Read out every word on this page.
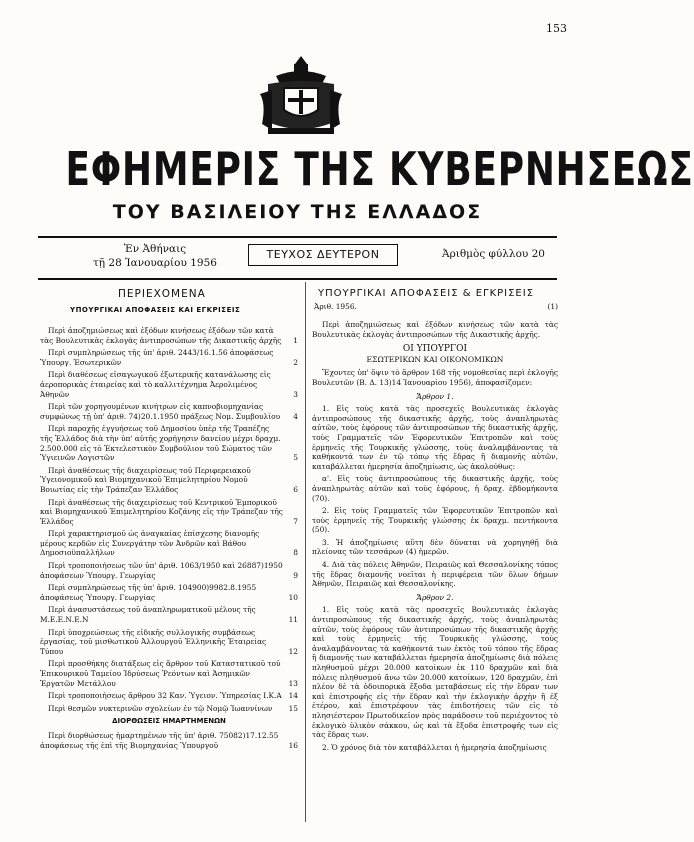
153
ΕΦΗΜΕΡΙΣ ΤΗΣ ΚΥΒΕΡΝΗΣΕΩΣ
ΤΟΥ ΒΑΣΙΛΕΙΟΥ ΤΗΣ ΕΛΛΑΔΟΣ
Ἐν Ἀθήναις
τῇ 28 Ἰανουαρίου 1956
ΤΕΥΧΟΣ ΔΕΥΤΕΡΟΝ	Ἀριθμὸς φύλλου 20
ΠΕΡΙΕΧΟΜΕΝΑ	ΥΠΟΥΡΓΙΚΑΙ ΑΠΟΦΑΣΕΙΣ & ΕΓΚΡΙΣΕΙΣ
ΥΠΟΥΡΓΙΚΑΙ ΑΠΟΦΑΣΕΙΣ ΚΑΙ ΕΓΚΡΙΣΕΙΣ
Περὶ ἀποζημιώσεως καὶ ἐξόδων κινήσεως ἐξόδων τῶν κατὰ τὰς Βουλευτικὰς ἐκλογὰς ἀντιπροσώπων τῆς Δικαστικῆς ἀρχῆς 1
Περὶ συμπληρώσεως τῆς ὑπ' ἀριθ. 2443/16.1.56 ἀποφάσεως Ὑπουργ. Ἐσωτερικῶν	2
Περὶ διαθέσεως εἰσαγωγικοῦ ἐξωτερικῆς κατανάλωσης εἰς ἀεροπορικὰς ἑταιρείας καὶ τὸ καλλιτέχνημα Ἀερολιμένος Ἀθηνῶν	3
Περὶ τῶν χορηγουμένων κινήτρων εἰς καπνοβιομηχανίας συμφώνως τῇ ὑπ' ἀριθ. 74)20.1.1950 πράξεως Νομ. Συμβουλίου 4
Περὶ παροχῆς ἐγγυήσεως τοῦ Δημοσίου ὑπὲρ τῆς Τραπέζης τῆς Ἑλλάδος διὰ τὴν ὑπ' αὐτῆς χορήγησιν δανείου μέχρι δραχμ. 2.500.000 εἰς τὸ Ἐκτελεστικὸν Συμβούλιον τοῦ Σώματος τῶν Ὑγιεινῶν Λογιστῶν	5
Περὶ ἀναθέσεως τῆς διαχειρίσεως τοῦ Περιφερειακοῦ Ὑγειονομικοῦ καὶ Βιομηχανικοῦ Ἐπιμελητηρίου Νομοῦ Βοιωτίας εἰς τὴν Τράπεζαν Ἑλλάδος	6
Περὶ ἀναθέσεως τῆς διαχειρίσεως τοῦ Κεντρικοῦ Ἐμπορικοῦ καὶ Βιομηχανικοῦ Ἐπιμελητηρίου Κοζάνης εἰς τὴν Τράπεζαν τῆς Ἑλλάδος	7
Περὶ χαρακτηρισμοῦ ὡς ἀναγκαίας ἐπίσχεσης διανομῆς μέρους κερδῶν εἰς Συνεργάτην τῶν Ἀνδρῶν καὶ Βάθου Δημοσιοϋπαλλήλων	8
Περὶ τροποποιήσεως τῶν ὑπ' ἀριθ. 1063/1950 καὶ 26887)1950 ἀποφάσεων Ὑπουργ. Γεωργίας	9
Περὶ συμπληρώσεως τῆς ὑπ' ἀριθ. 104900)9982.8.1955 ἀποφάσεως Ὑπουργ. Γεωργίας	10
Περὶ ἀνασυστάσεως τοῦ ἀναπληρωματικοῦ μέλους τῆς Μ.Ε.Ε.Ν.Ε.Ν	11
Περὶ ὑποχρεώσεως τῆς εἰδικῆς συλλογικῆς συμβάσεως ἐργασίας, τοῦ μισθωτικοῦ Ἀλλουργοῦ Ἐλληνικῆς Ἐταιρείας Τύπου	12
Περὶ προσθήκης διατάξεως εἰς ἄρθρον τοῦ Καταστατικοῦ τοῦ Ἐπικουρικοῦ Ταμείου Ἱδρύσεως Ῥεόντων καὶ Ἀσημικῶν Ἐργατῶν Μετάλλου	13
Περὶ τροποποιήσεως ἄρθρου 32 Καν. Ὑγειον. Ὑπηρεσίας Ι.Κ.Α 14
Περὶ θεσμῶν νυκτερινῶν σχολείων ἐν τῷ Νομῷ Ἰωαννίνων 15
ΔΙΟΡΘΩΣΕΙΣ ΗΜΑΡΤΗΜΕΝΩΝ
Περὶ διορθώσεως ἡμαρτημένων τῆς ὑπ' ἀριθ. 75082)17.12.55 ἀποφάσεως τῆς ἐπὶ τῆς Βιομηχανίας Ὑπουργοῦ	16
Ἀριθ. 1956.	(1)

Περὶ ἀποζημιώσεως καὶ ἐξόδων κινήσεως τῶν κατὰ τὰς Βουλευτικὰς ἐκλογὰς ἀντιπροσώπων τῆς Δικαστικῆς ἀρχῆς.

ΟΙ ΥΠΟΥΡΓΟΙ
ΕΣΩΤΕΡΙΚΩΝ ΚΑΙ ΟΙΚΟΝΟΜΙΚΩΝ

Ἔχοντες ὑπ' ὄψιν τὸ ἄρθρον 168 τῆς νομοθεσίας περὶ ἐκλογῆς Βουλευτῶν (Β. Δ. 13)14 Ἰανουαρίου 1956), ἀποφασίζομεν:

Ἄρθρον 1.

1. Εἰς τοὺς κατὰ τὰς προσεχεῖς Βουλευτικὰς ἐκλογὰς ἀντιπροσώπους τῆς δικαστικῆς ἀρχῆς, τοὺς ἀναπληρωτὰς αὐτῶν, τοὺς ἐφόρους τῶν ἀντιπροσώπων τῆς δικαστικῆς ἀρχῆς, τοὺς Γραμματεῖς τῶν Ἐφορευτικῶν Ἐπιτροπῶν καὶ τοὺς ἑρμηνεῖς τῆς Τουρκικῆς γλώσσης, τοὺς ἀναλαμβάνοντας τὰ καθήκοντά των ἐν τῷ τόπῳ τῆς ἕδρας ἢ διαμονῆς αὐτῶν, καταβάλλεται ἡμερησία ἀποζημίωσις, ὡς ἀκολούθως:

α'. Εἰς τοὺς ἀντιπροσώπους τῆς δικαστικῆς ἀρχῆς, τοὺς ἀναπληρωτὰς αὐτῶν καὶ τοὺς ἐφόρους, ἡ δραχ. ἑβδομήκοντα (70).

2. Εἰς τοὺς Γραμματεῖς τῶν Ἐφορευτικῶν Ἐπιτροπῶν καὶ τοὺς ἑρμηνεῖς τῆς Τουρκικῆς γλώσσης ἐκ δραχμ. πεντήκοντα (50).

3. Ἡ ἀποζημίωσις αὕτη δὲν δύναται νὰ χορηγηθῇ διὰ πλείονας τῶν τεσσάρων (4) ἡμερῶν.

4. Διὰ τὰς πόλεις Ἀθηνῶν, Πειραιῶς καὶ Θεσσαλονίκης τόπος τῆς ἕδρας διαμονῆς νοεῖται ἡ περιφέρεια τῶν ὅλων δήμων Ἀθηνῶν, Πειραιῶς καὶ Θεσσαλονίκης.

Ἄρθρον 2.

1. Εἰς τοὺς κατὰ τὰς προσεχεῖς Βουλευτικὰς ἐκλογὰς ἀντιπροσώπους τῆς δικαστικῆς ἀρχῆς, τοὺς ἀναπληρωτὰς αὐτῶν, τοὺς ἐφόρους τῶν ἀντιπροσώπων τῆς δικαστικῆς ἀρχῆς καὶ τοὺς ἑρμηνεῖς τῆς Τουρκικῆς γλώσσης, τοὺς ἀναλαμβάνοντας τὰ καθήκοντά των ἐκτὸς τοῦ τόπου τῆς ἕδρας ἢ διαμονῆς των καταβάλλεται ἡμερησία ἀποζημίωσις διὰ πόλεις πληθυσμοῦ μέχρι 20.000 κατοίκων ἐκ 110 δραχμῶν καὶ διὰ πόλεις πληθυσμοῦ ἄνω τῶν 20.000 κατοίκων, 120 δραχμῶν, ἐπὶ πλέον δὲ τὰ ὁδοιπορικὰ ἔξοδα μεταβάσεως εἰς τὴν ἕδραν των καὶ ἐπιστροφῆς εἰς τὴν ἕδραν καὶ τὴν ἐκλογικὴν ἀρχὴν ἢ ἐξ ἐτέρου, καὶ ἐπιστρέφουν τὰς ἐπιδοτήσεις τῶν εἰς τὸ πλησιέστερον Πρωτοδικεῖον πρὸς παράδοσιν τοῦ περιέχοντος τὸ ἐκλογικὸ ὑλικὸν σάκκου, ὡς καὶ τὰ ἔξοδα ἐπιστροφῆς των εἰς τὰς ἕδρας των.

2. Ὁ χρόνος διὰ τὸν καταβάλλεται ἡ ἡμερησία ἀποζημίωσις
